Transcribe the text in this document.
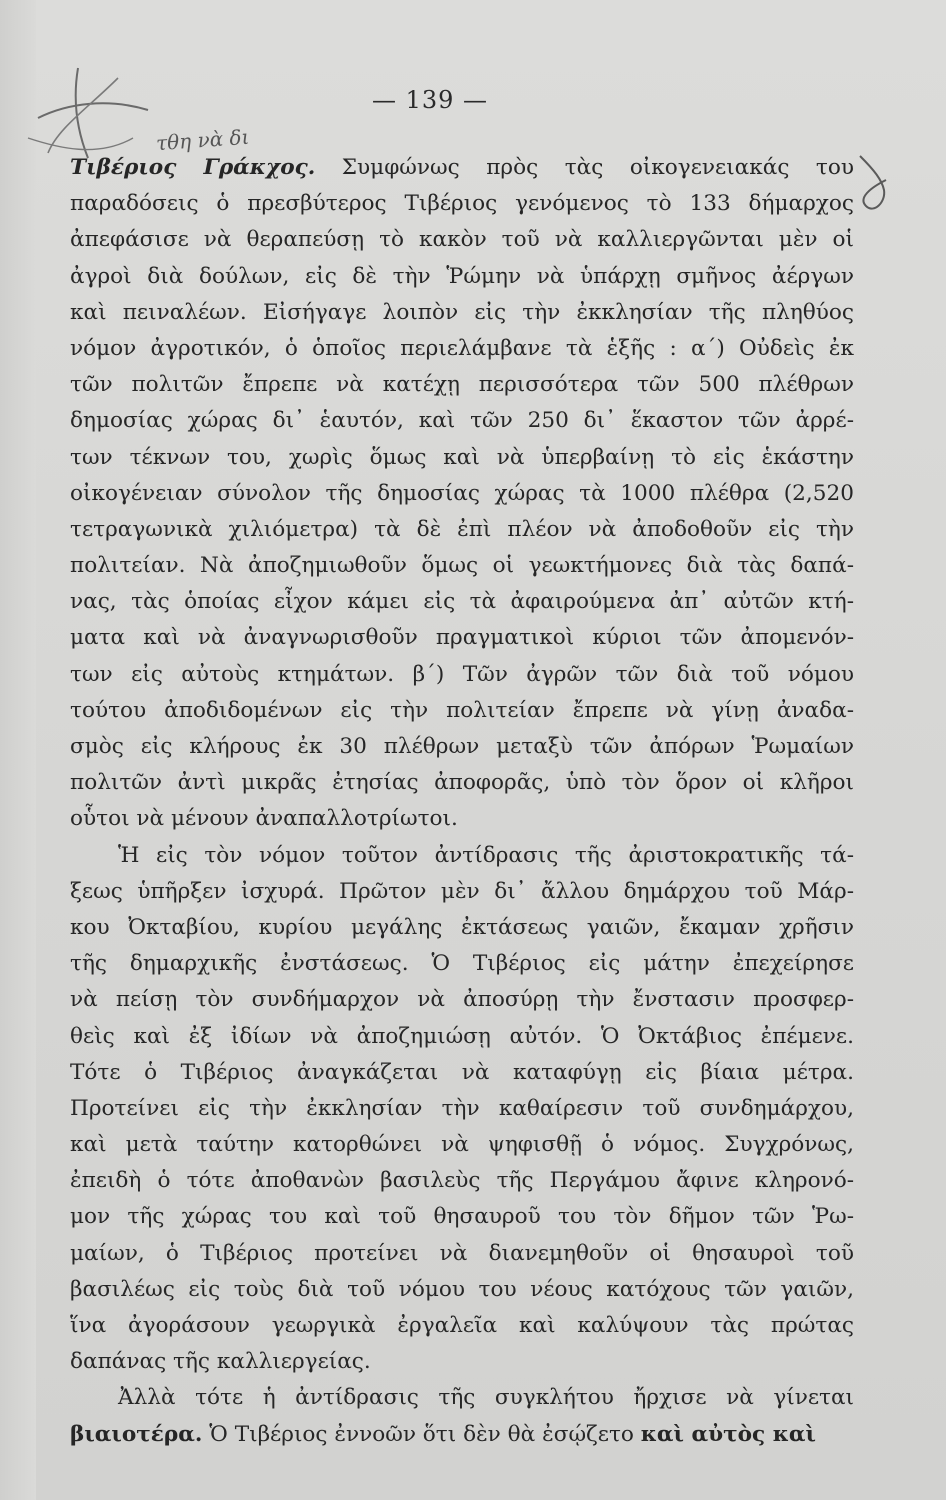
τθη νὰ δι
— 139 —
Τιβέριος Γράκχος. Συμφώνως πρὸς τὰς οἰκογενειακάς του
παραδόσεις ὁ πρεσβύτερος Τιβέριος γενόμενος τὸ 133 δήμαρχος
ἀπεφάσισε νὰ θεραπεύσῃ τὸ κακὸν τοῦ νὰ καλλιεργῶνται μὲν οἱ
ἀγροὶ διὰ δούλων, εἰς δὲ τὴν Ῥώμην νὰ ὑπάρχῃ σμῆνος ἀέργων
καὶ πειναλέων. Εἰσήγαγε λοιπὸν εἰς τὴν ἐκκλησίαν τῆς πληθύος
νόμον ἀγροτικόν, ὁ ὁποῖος περιελάμβανε τὰ ἑξῆς : α΄) Οὐδεὶς ἐκ
τῶν πολιτῶν ἔπρεπε νὰ κατέχῃ περισσότερα τῶν 500 πλέθρων
δημοσίας χώρας δι᾽ ἑαυτόν, καὶ τῶν 250 δι᾽ ἕκαστον τῶν ἀρρέ-
των τέκνων του, χωρὶς ὅμως καὶ νὰ ὑπερβαίνῃ τὸ εἰς ἑκάστην
οἰκογένειαν σύνολον τῆς δημοσίας χώρας τὰ 1000 πλέθρα (2,520
τετραγωνικὰ χιλιόμετρα) τὰ δὲ ἐπὶ πλέον νὰ ἀποδοθοῦν εἰς τὴν
πολιτείαν. Νὰ ἀποζημιωθοῦν ὅμως οἱ γεωκτήμονες διὰ τὰς δαπά-
νας, τὰς ὁποίας εἶχον κάμει εἰς τὰ ἀφαιρούμενα ἀπ᾽ αὐτῶν κτή-
ματα καὶ νὰ ἀναγνωρισθοῦν πραγματικοὶ κύριοι τῶν ἀπομενόν-
των εἰς αὐτοὺς κτημάτων. β΄) Τῶν ἀγρῶν τῶν διὰ τοῦ νόμου
τούτου ἀποδιδομένων εἰς τὴν πολιτείαν ἔπρεπε νὰ γίνῃ ἀναδα-
σμὸς εἰς κλήρους ἐκ 30 πλέθρων μεταξὺ τῶν ἀπόρων Ῥωμαίων
πολιτῶν ἀντὶ μικρᾶς ἐτησίας ἀποφορᾶς, ὑπὸ τὸν ὅρον οἱ κλῆροι
οὗτοι νὰ μένουν ἀναπαλλοτρίωτοι.
Ἡ εἰς τὸν νόμον τοῦτον ἀντίδρασις τῆς ἀριστοκρατικῆς τά-
ξεως ὑπῆρξεν ἰσχυρά. Πρῶτον μὲν δι᾽ ἄλλου δημάρχου τοῦ Μάρ-
κου Ὀκταβίου, κυρίου μεγάλης ἐκτάσεως γαιῶν, ἔκαμαν χρῆσιν
τῆς δημαρχικῆς ἐνστάσεως. Ὁ Τιβέριος εἰς μάτην ἐπεχείρησε
νὰ πείσῃ τὸν συνδήμαρχον νὰ ἀποσύρῃ τὴν ἔνστασιν προσφερ-
θεὶς καὶ ἐξ ἰδίων νὰ ἀποζημιώσῃ αὐτόν. Ὁ Ὀκτάβιος ἐπέμενε.
Τότε ὁ Τιβέριος ἀναγκάζεται νὰ καταφύγῃ εἰς βίαια μέτρα.
Προτείνει εἰς τὴν ἐκκλησίαν τὴν καθαίρεσιν τοῦ συνδημάρχου,
καὶ μετὰ ταύτην κατορθώνει νὰ ψηφισθῇ ὁ νόμος. Συγχρόνως,
ἐπειδὴ ὁ τότε ἀποθανὼν βασιλεὺς τῆς Περγάμου ἄφινε κληρονό-
μον τῆς χώρας του καὶ τοῦ θησαυροῦ του τὸν δῆμον τῶν Ῥω-
μαίων, ὁ Τιβέριος προτείνει νὰ διανεμηθοῦν οἱ θησαυροὶ τοῦ
βασιλέως εἰς τοὺς διὰ τοῦ νόμου του νέους κατόχους τῶν γαιῶν,
ἵνα ἀγοράσουν γεωργικὰ ἐργαλεῖα καὶ καλύψουν τὰς πρώτας
δαπάνας τῆς καλλιεργείας.
Ἀλλὰ τότε ἡ ἀντίδρασις τῆς συγκλήτου ἤρχισε νὰ γίνεται
βιαιοτέρα. Ὁ Τιβέριος ἐννοῶν ὅτι δὲν θὰ ἐσῴζετο καὶ αὐτὸς καὶ
